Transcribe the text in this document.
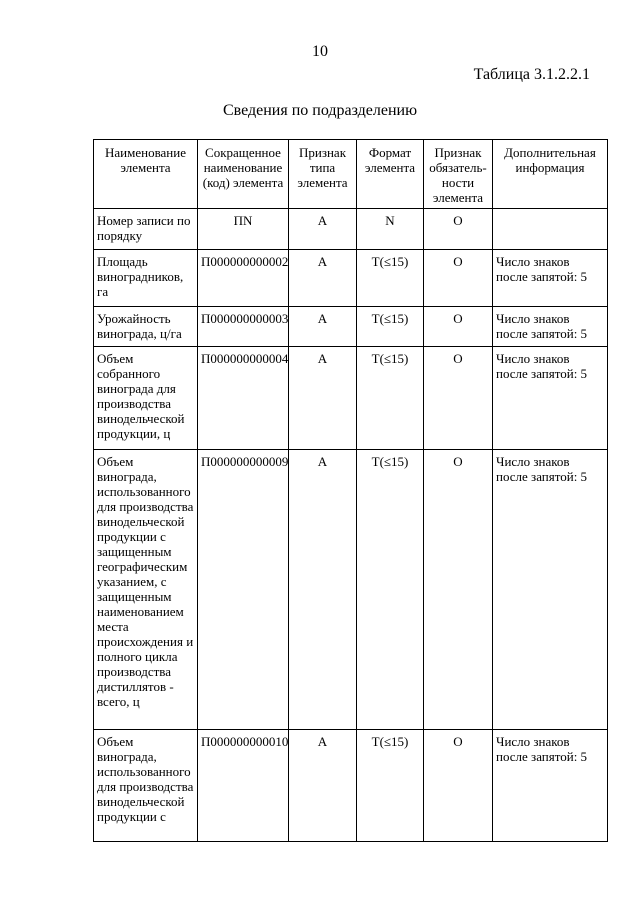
10
Таблица 3.1.2.2.1
Сведения по подразделению
Наименование элемента	Сокращенное наименование (код) элемента	Признак типа элемента	Формат элемента	Признак обязатель-ности элемента	Дополнительная информация
Номер записи по порядку	ПN	А	N	О	
Площадь виноградников, га	П000000000002	А	T(≤15)	О	Число знаков после запятой: 5
Урожайность винограда, ц/га	П000000000003	А	T(≤15)	О	Число знаков после запятой: 5
Объем собранного винограда для производства винодельческой продукции, ц	П000000000004	А	T(≤15)	О	Число знаков после запятой: 5
Объем винограда, использованного для производства винодельческой продукции с защищенным географическим указанием, с защищенным наименованием места происхождения и полного цикла производства дистиллятов - всего, ц	П000000000009	А	T(≤15)	О	Число знаков после запятой: 5
Объем винограда, использованного для производства винодельческой продукции с	П000000000010	А	T(≤15)	О	Число знаков после запятой: 5
